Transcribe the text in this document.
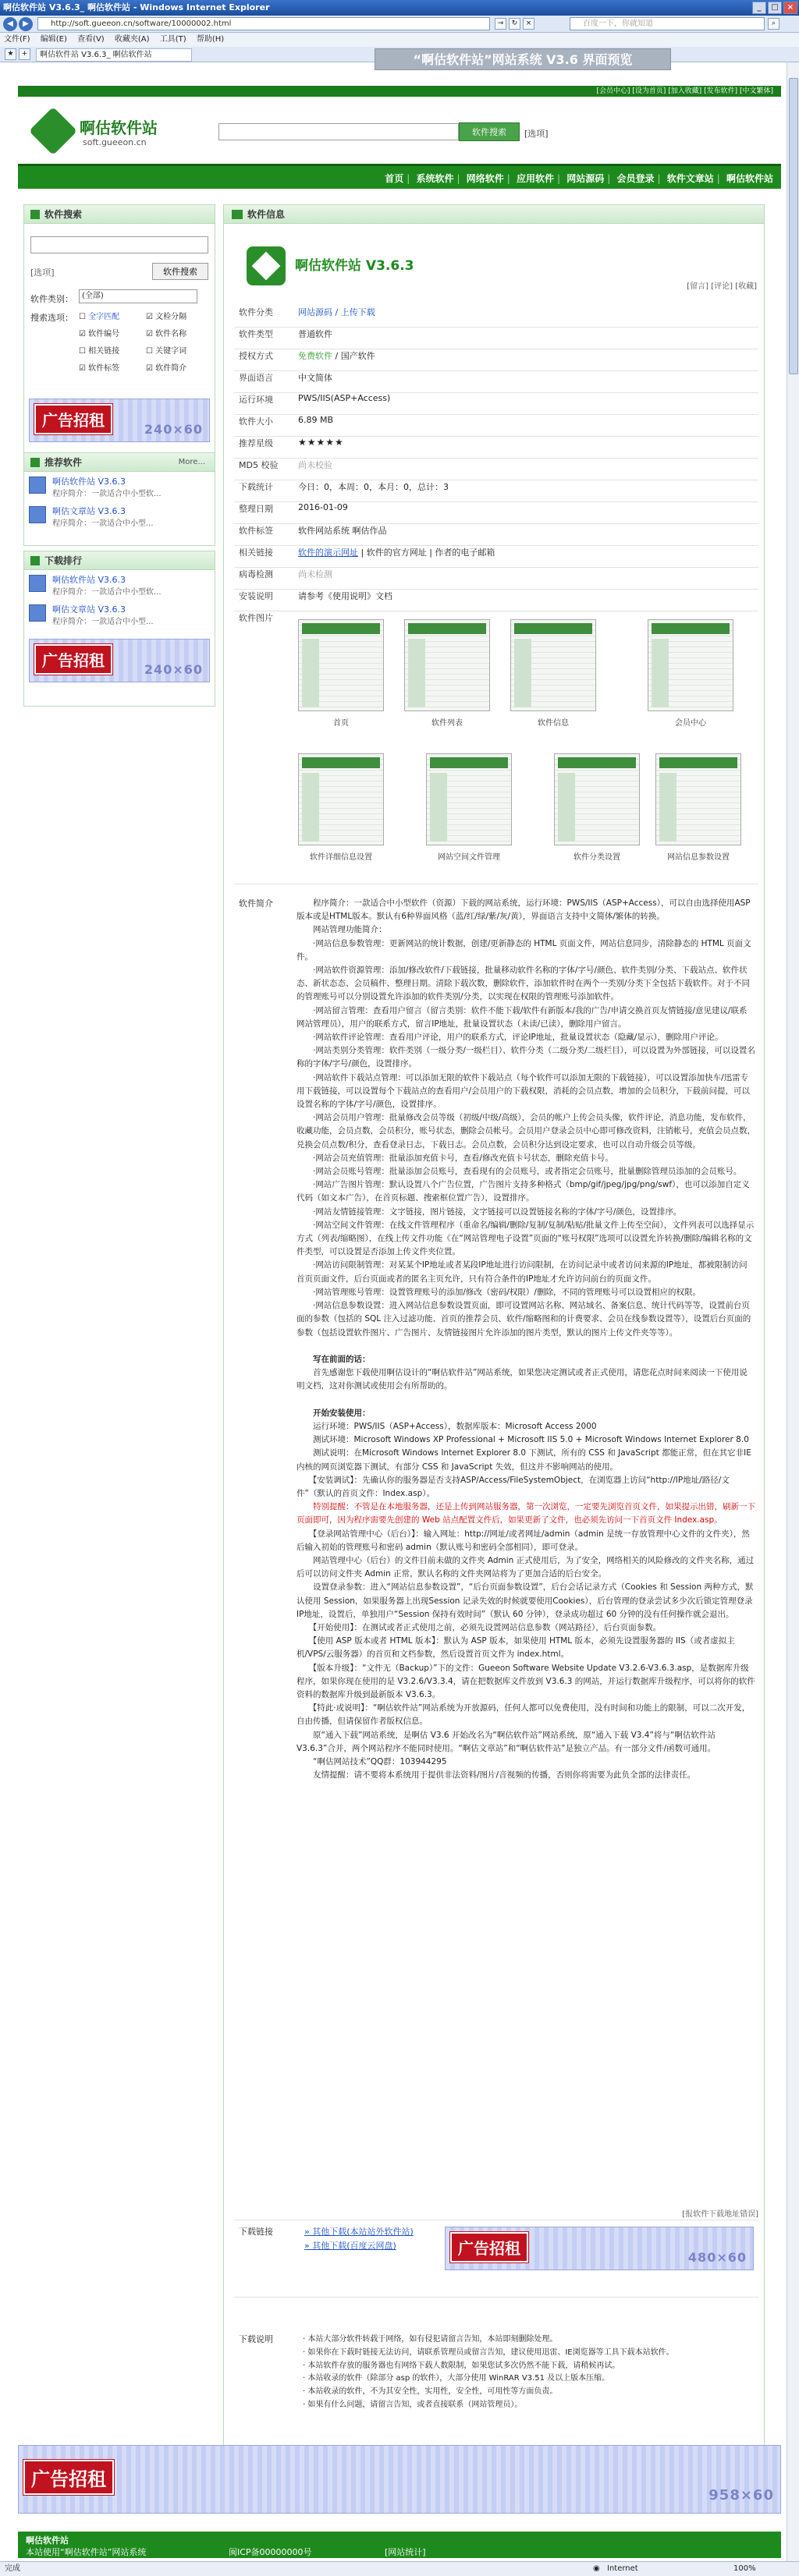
啊估软件站 V3.6.3_ 啊估软件站 - Windows Internet Explorer	_	□	×
◀	▶	http://soft.gueeon.cn/software/10000002.html	→	↻	×	百度一下，你就知道	⌕
文件(F) 编辑(E) 查看(V) 收藏夹(A) 工具(T) 帮助(H)
★	+	啊估软件站 V3.6.3_ 啊估软件站	“啊估软件站”网站系统 V3.6 界面预览
[会员中心] [设为首页] [加入收藏] [发布软件] [中文繁体]
啊估软件站
soft.gueeon.cn
软件搜索	[选项]
首页 | 系统软件 | 网络软件 | 应用软件 | 网站源码 | 会员登录 | 软件文章站 | 啊估软件站
软件搜索
[选项]	软件搜索
软件类别：	(全部)
搜索选项： ☐ 全字匹配	☑ 文检分隔
☑ 软件编号	☑ 软件名称
☐ 相关链接	☐ 关键字词
☑ 软件标签	☑ 软件简介
广告招租	240×60
推荐软件	More...
啊估软件站 V3.6.3
程序简介：一款适合中小型软...
啊估文章站 V3.6.3
程序简介：一款适合中小型...
下载排行
啊估软件站 V3.6.3
程序简介：一款适合中小型软...
啊估文章站 V3.6.3
程序简介：一款适合中小型...
广告招租	240×60
软件信息
啊估软件站 V3.6.3
[留言] [评论] [收藏]
软件分类	网站源码 / 上传下载
软件类型	普通软件
授权方式	免费软件 / 国产软件
界面语言	中文简体
运行环境	PWS/IIS(ASP+Access)
软件大小	6.89 MB
推荐星级	★★★★★
MD5 校验 尚未校验
下载统计	今日：0，本周：0，本月：0，总计：3
整理日期	2016-01-09
软件标签	软件网站系统 啊估作品
相关链接	软件的演示网址 | 软件的官方网址 | 作者的电子邮箱
病毒检测	尚未检测
安装说明	请参考《使用说明》文档
软件图片
首页	软件列表	软件信息	会员中心
软件详细信息设置	网站空间文件管理	软件分类设置	网站信息参数设置
软件简介	　　程序简介：一款适合中小型软件（资源）下载的网站系统，运行环境：PWS/IIS（ASP+Access），可以自由选择使用ASP版本或是HTML版本。默认有6种界面风格（蓝/红/绿/紫/灰/黄），界面语言支持中文简体/繁体的转换。

　　网站管理功能简介：

　　·网站信息参数管理：更新网站的统计数据，创建/更新静态的 HTML 页面文件，网站信息同步，清除静态的 HTML 页面文件。

　　·网站软件资源管理：添加/修改软件/下载链接，批量移动软件名称的字体/字号/颜色、软件类别/分类、下载站点、软件状态、新状态态、会员稿件、整理日期。清除下载次数，删除软件，添加软件时在两个一类别/分类下全包括下载软件。对于不同的管理账号可以分别设置允许添加的软件类别/分类，以实现在权限的管理账号添加软件。

　　·网站留言管理：查看用户留言（留言类别：软件不能下载/软件有新版本/我的广告/申请交换首页友情链接/意见建议/联系网站管理员），用户的联系方式，留言IP地址，批量设置状态（未读/已读），删除用户留言。

　　·网站软件评论管理：查看用户评论，用户的联系方式，评论IP地址，批量设置状态（隐藏/显示），删除用户评论。

　　·网站类别分类管理：软件类别（一级分类/一级栏目）、软件分类（二级分类/二级栏目），可以设置为外部链接，可以设置名称的字体/字号/颜色，设置排序。

　　·网站软件下载站点管理：可以添加无限的软件下载站点（每个软件可以添加无限的下载链接），可以设置添加快车/迅雷专用下载链接，可以设置每个下载站点的查看用户/会员用户的下载权限，消耗的会员点数，增加的会员积分，下载前问提，可以设置名称的字体/字号/颜色，设置排序。

　　·网站会员用户管理：批量修改会员等级（初级/中级/高级），会员的帐户上传会员头像，软件评论，消息功能，发布软件，收藏功能，会员点数，会员积分，账号状态，删除会员帐号。会员用户登录会员中心即可修改资料，注销帐号，充值会员点数，兑换会员点数/积分，查看登录日志，下载日志。会员点数，会员积分达到设定要求，也可以自动升级会员等级。

　　·网站会员充值管理：批量添加充值卡号，查看/修改充值卡号状态，删除充值卡号。

　　·网站会员账号管理：批量添加会员账号，查看现有的会员账号，或者指定会员账号，批量删除管理员添加的会员账号。

　　·网站广告图片管理：默认设置八个广告位置，广告图片支持多种格式（bmp/gif/jpeg/jpg/png/swf），也可以添加自定义代码（如文本广告），在首页标题、搜索框位置广告），设置排序。

　　·网站友情链接管理：文字链接，图片链接，文字链接可以设置链接名称的字体/字号/颜色，设置排序。

　　·网站空间文件管理：在线文件管理程序（重命名/编辑/删除/复制/复制/粘贴/批量文件上传至空间），文件列表可以选择显示方式（列表/缩略图），在线上传文件功能《在“网站管理电子设置”页面的“账号权限”选项可以设置允许转换/删除/编辑名称的文件类型，可以设置是否添加上传文件夹位置。

　　·网站访问限制管理：对某某个IP地址或者某段IP地址进行访问限制，在访问记录中或者访问来源的IP地址，都被限制访问首页页面文件，后台页面或者的匿名主页允许，只有符合条件的IP地址才允许访问前台的页面文件。

　　·网站管理账号管理：设置管理账号的添加/修改（密码/权限）/删除，不同的管理账号可以设置相应的权限。

　　·网站信息参数设置：进入网站信息参数设置页面，即可设置网站名称、网站域名、备案信息、统计代码等等，设置前台页面的参数（包括的 SQL 注入过滤功能、首页的推荐会员、软件/缩略图和的计费要求、会员在线参数设置等），设置后台页面的参数（包括设置软件图片、广告图片、友情链接图片允许添加的图片类型，默认的图片上传文件夹等等）。

　　写在前面的话：

　　首先感谢您下载使用啊估设计的“啊估软件站”网站系统，如果您决定测试或者正式使用，请您花点时间来阅读一下使用说明文档，这对你测试或使用会有所帮助的。

　　开始安装使用：

　　运行环境：PWS/IIS（ASP+Access），数据库版本：Microsoft Access 2000

　　测试环境：Microsoft Windows XP Professional + Microsoft IIS 5.0 + Microsoft Windows Internet Explorer 8.0

　　测试说明：在Microsoft Windows Internet Explorer 8.0 下测试，所有的 CSS 和 JavaScript 都能正常，但在其它非IE内核的网页浏览器下测试，有部分 CSS 和 JavaScript 失效，但这并不影响网站的使用。

　　【安装调试】：先确认你的服务器是否支持ASP/Access/FileSystemObject，在浏览器上访问“http://IP地址/路径/文件”（默认的首页文件：Index.asp）。

　　特别提醒：不管是在本地服务器，还是上传到网站服务器，第一次浏览，一定要先浏览首页文件，如果提示出错，刷新一下页面即可，因为程序需要先创建的 Web 站点配置文件后，如果更新了文件，也必须先访问一下首页文件 Index.asp。

　　【登录网站管理中心（后台）】：输入网址：http://网址/或者网址/admin（admin 是统一存放管理中心文件的文件夹），然后输入初始的管理账号和密码 admin（默认账号和密码全部相同），即可登录。

　　网站管理中心（后台）的文件目前未做的文件夹 Admin 正式使用后，为了安全，网络相关的风险修改的文件夹名称，通过后可以访问文件夹 Admin 正常，默认名称的文件夹网站将为了更加合适的后台安全。

　　设置登录参数：进入“网站信息参数设置”，“后台页面参数设置”，后台会话记录方式（Cookies 和 Session 两种方式，默认使用 Session，如果服务器上出现Session 记录失效的时候就要使用Cookies），后台管理的登录尝试多少次后锁定管理登录IP地址，设置后，单独用户“Session 保持有效时间”（默认 60 分钟），登录成功超过 60 分钟的没有任何操作就会退出。

　　【开始使用】：在测试或者正式使用之前，必须先设置网站信息参数（网站路径），后台页面参数。

　　【使用 ASP 版本或者 HTML 版本】：默认为 ASP 版本，如果使用 HTML 版本，必须先设置服务器的 IIS（或者虚拟主机/VPS/云服务器）的首页和文档参数，然后设置首页文件为 index.html。

　　【版本升级】：“文件无（Backup）”下的文件：Gueeon Software Website Update V3.2.6-V3.6.3.asp，是数据库升级程序，如果你现在使用的是 V3.2.6/V3.3.4，请在把数据库文件放到 V3.6.3 的网站，并运行数据库升级程序，可以将你的软件资料的数据库升级到最新版本 V3.6.3。

　　【特此·或说明】：“啊估软件站”网站系统为开放源码，任何人都可以免费使用，没有时间和功能上的限制，可以二次开发，自由传播，但请保留作者版权信息。

　　原“通入下载”网站系统，是啊估 V3.6 开始改名为“啊估软件站”网站系统，原“通入下载 V3.4”将与“啊估软件站 V3.6.3”合并，两个网站程序不能同时使用。“啊估文章站”和“啊估软件站”是独立产品。有一部分文件/函数可通用。

　　“啊估网站技术”QQ群：103944295

　　友情提醒：请不要将本系统用于提供非法资料/图片/音视频的传播，否则你将需要为此负全部的法律责任。

[报软件下载地址错误]
下载链接	» 其他下载(本站站外软件站)
» 其他下载(百度云网盘)	广告招租	480×60
下载说明	· 本站大部分软件转载于网络，如有侵犯请留言告知，本站即刻删除处理。
· 如果你在下载时链接无法访问，请联系管理员或留言告知，建议使用迅雷、IE浏览器等工具下载本站软件。
· 本站软件存放的服务器也有网络下载人数限制，如果您试多次仍然不能下载，请稍候再试。
· 本站收录的软件（除部分 asp 的软件），大部分使用 WinRAR V3.51 及以上版本压缩。
· 本站收录的软件，不为其安全性，实用性，安全性，可用性等方面负责。
· 如果有什么问题，请留言告知，或者直接联系（网站管理员）。
广告招租
958×60
啊估软件站
本站使用“啊估软件站”网站系统	闽ICP备00000000号	[网站统计]
完成	◉ Internet	100%
